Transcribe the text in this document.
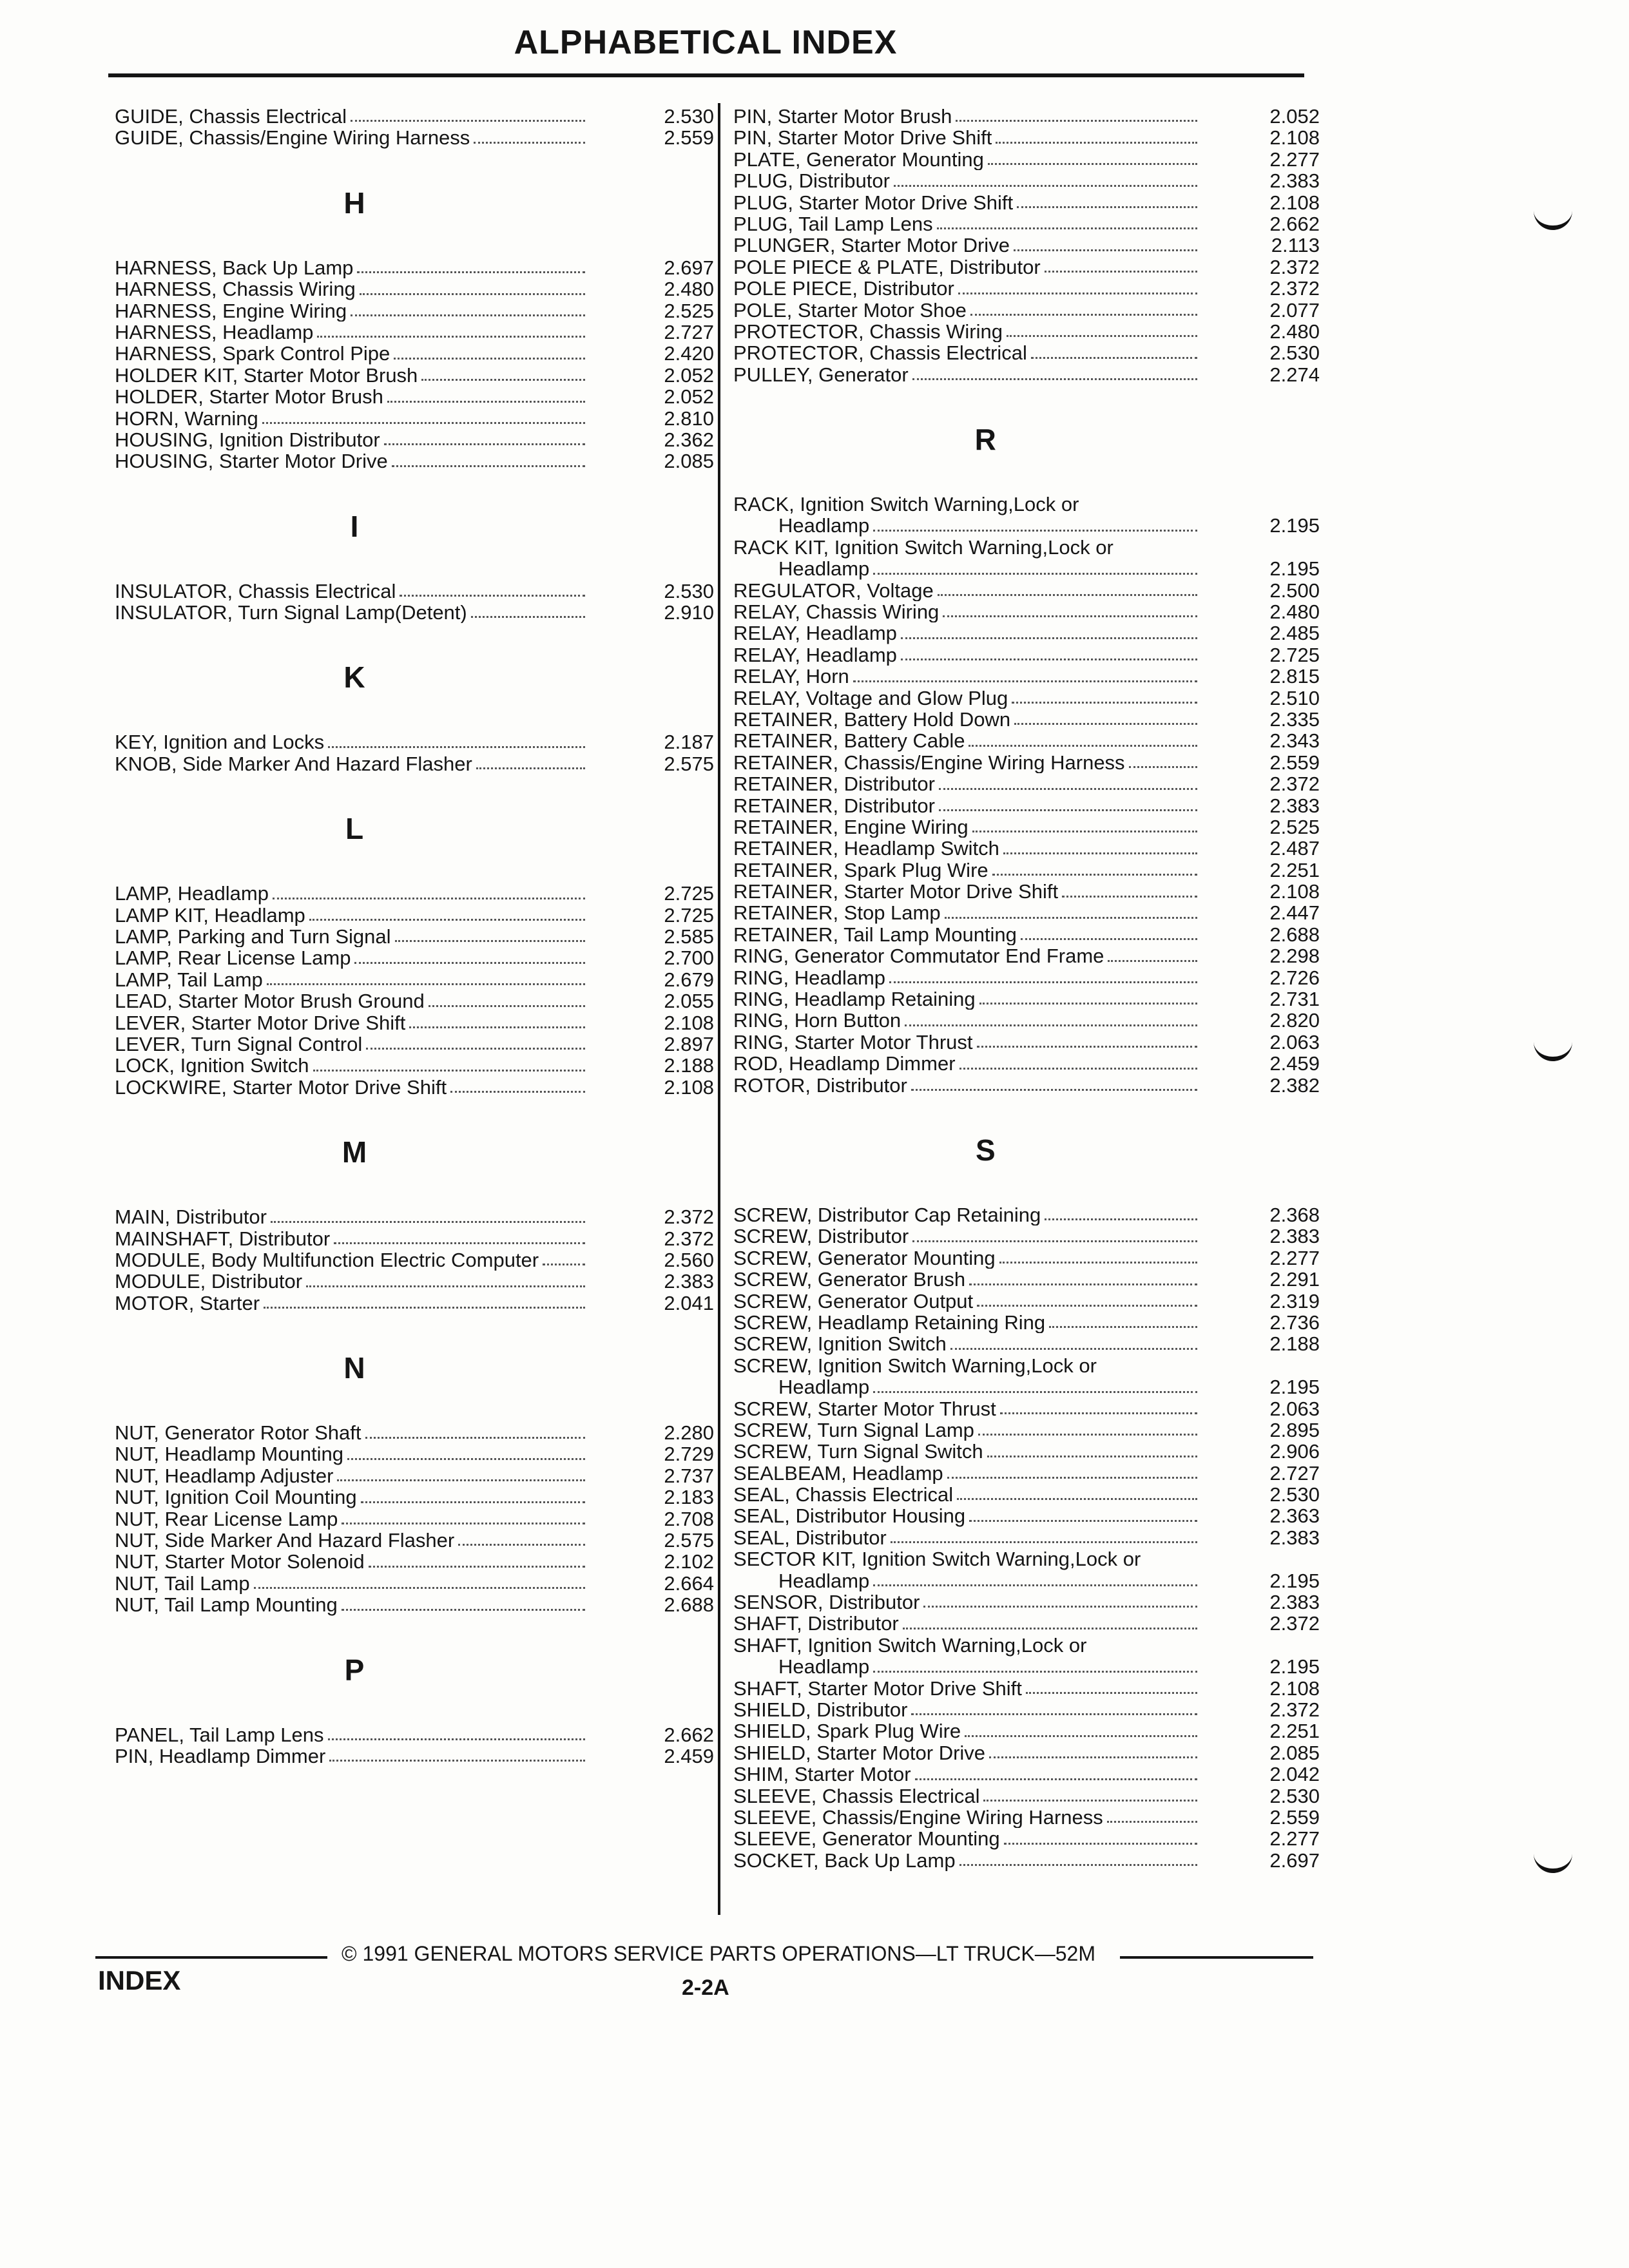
ALPHABETICAL INDEX
GUIDE, Chassis Electrical	2.530
GUIDE, Chassis/Engine Wiring Harness	2.559
H
HARNESS, Back Up Lamp	2.697
HARNESS, Chassis Wiring	2.480
HARNESS, Engine Wiring	2.525
HARNESS, Headlamp	2.727
HARNESS, Spark Control Pipe	2.420
HOLDER KIT, Starter Motor Brush	2.052
HOLDER, Starter Motor Brush	2.052
HORN, Warning	2.810
HOUSING, Ignition Distributor	2.362
HOUSING, Starter Motor Drive	2.085
I
INSULATOR, Chassis Electrical	2.530
INSULATOR, Turn Signal Lamp(Detent)	2.910
K
KEY, Ignition and Locks	2.187
KNOB, Side Marker And Hazard Flasher	2.575
L
LAMP, Headlamp	2.725
LAMP KIT, Headlamp	2.725
LAMP, Parking and Turn Signal	2.585
LAMP, Rear License Lamp	2.700
LAMP, Tail Lamp	2.679
LEAD, Starter Motor Brush Ground	2.055
LEVER, Starter Motor Drive Shift	2.108
LEVER, Turn Signal Control	2.897
LOCK, Ignition Switch	2.188
LOCKWIRE, Starter Motor Drive Shift	2.108
M
MAIN, Distributor	2.372
MAINSHAFT, Distributor	2.372
MODULE, Body Multifunction Electric Computer	2.560
MODULE, Distributor	2.383
MOTOR, Starter	2.041
N
NUT, Generator Rotor Shaft	2.280
NUT, Headlamp Mounting	2.729
NUT, Headlamp Adjuster	2.737
NUT, Ignition Coil Mounting	2.183
NUT, Rear License Lamp	2.708
NUT, Side Marker And Hazard Flasher	2.575
NUT, Starter Motor Solenoid	2.102
NUT, Tail Lamp	2.664
NUT, Tail Lamp Mounting	2.688
P
PANEL, Tail Lamp Lens	2.662
PIN, Headlamp Dimmer	2.459
PIN, Starter Motor Brush	2.052
PIN, Starter Motor Drive Shift	2.108
PLATE, Generator Mounting	2.277
PLUG, Distributor	2.383
PLUG, Starter Motor Drive Shift	2.108
PLUG, Tail Lamp Lens	2.662
PLUNGER, Starter Motor Drive	2.113
POLE PIECE & PLATE, Distributor	2.372
POLE PIECE, Distributor	2.372
POLE, Starter Motor Shoe	2.077
PROTECTOR, Chassis Wiring	2.480
PROTECTOR, Chassis Electrical	2.530
PULLEY, Generator	2.274
R
RACK, Ignition Switch Warning,Lock or
Headlamp	2.195
RACK KIT, Ignition Switch Warning,Lock or
Headlamp	2.195
REGULATOR, Voltage	2.500
RELAY, Chassis Wiring	2.480
RELAY, Headlamp	2.485
RELAY, Headlamp	2.725
RELAY, Horn	2.815
RELAY, Voltage and Glow Plug	2.510
RETAINER, Battery Hold Down	2.335
RETAINER, Battery Cable	2.343
RETAINER, Chassis/Engine Wiring Harness	2.559
RETAINER, Distributor	2.372
RETAINER, Distributor	2.383
RETAINER, Engine Wiring	2.525
RETAINER, Headlamp Switch	2.487
RETAINER, Spark Plug Wire	2.251
RETAINER, Starter Motor Drive Shift	2.108
RETAINER, Stop Lamp	2.447
RETAINER, Tail Lamp Mounting	2.688
RING, Generator Commutator End Frame	2.298
RING, Headlamp	2.726
RING, Headlamp Retaining	2.731
RING, Horn Button	2.820
RING, Starter Motor Thrust	2.063
ROD, Headlamp Dimmer	2.459
ROTOR, Distributor	2.382
S
SCREW, Distributor Cap Retaining	2.368
SCREW, Distributor	2.383
SCREW, Generator Mounting	2.277
SCREW, Generator Brush	2.291
SCREW, Generator Output	2.319
SCREW, Headlamp Retaining Ring	2.736
SCREW, Ignition Switch	2.188
SCREW, Ignition Switch Warning,Lock or
Headlamp	2.195
SCREW, Starter Motor Thrust	2.063
SCREW, Turn Signal Lamp	2.895
SCREW, Turn Signal Switch	2.906
SEALBEAM, Headlamp	2.727
SEAL, Chassis Electrical	2.530
SEAL, Distributor Housing	2.363
SEAL, Distributor	2.383
SECTOR KIT, Ignition Switch Warning,Lock or
Headlamp	2.195
SENSOR, Distributor	2.383
SHAFT, Distributor	2.372
SHAFT, Ignition Switch Warning,Lock or
Headlamp	2.195
SHAFT, Starter Motor Drive Shift	2.108
SHIELD, Distributor	2.372
SHIELD, Spark Plug Wire	2.251
SHIELD, Starter Motor Drive	2.085
SHIM, Starter Motor	2.042
SLEEVE, Chassis Electrical	2.530
SLEEVE, Chassis/Engine Wiring Harness	2.559
SLEEVE, Generator Mounting	2.277
SOCKET, Back Up Lamp	2.697
© 1991 GENERAL MOTORS SERVICE PARTS OPERATIONS—LT TRUCK—52M
INDEX	2-2A
